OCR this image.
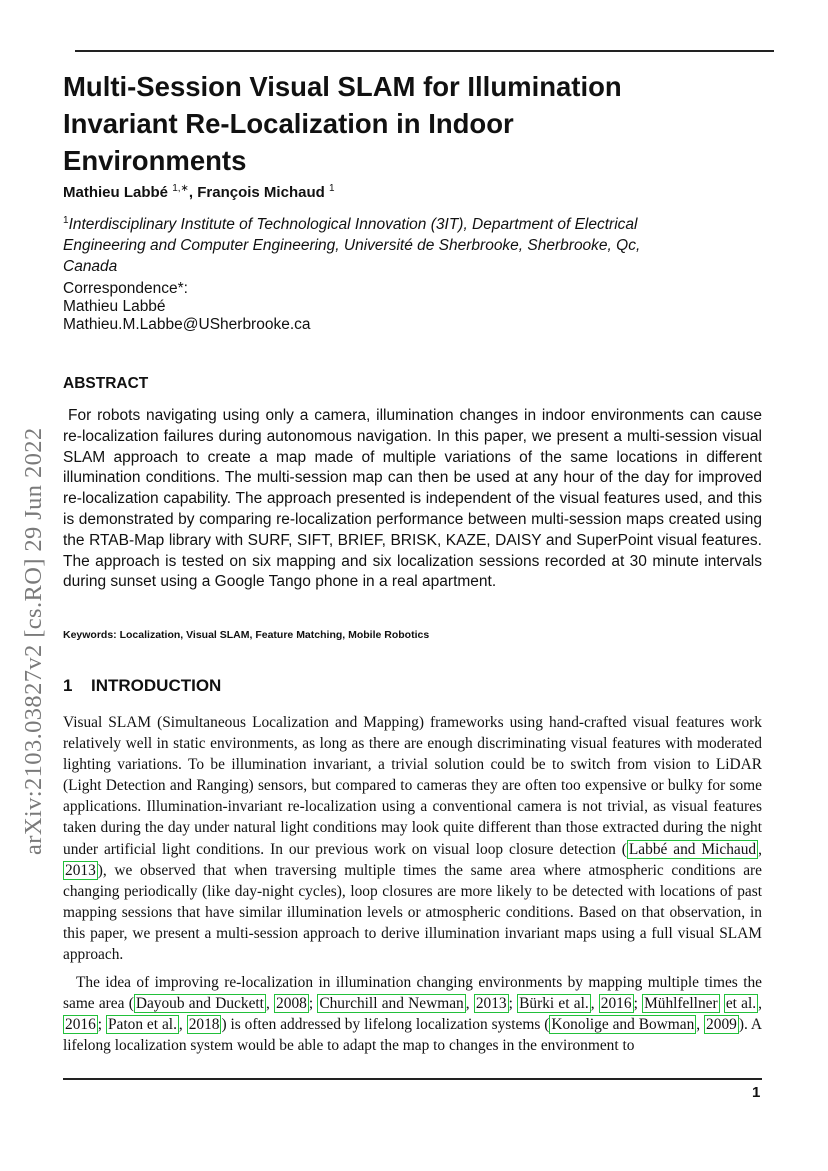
Multi-Session Visual SLAM for Illumination Invariant Re-Localization in Indoor Environments
Mathieu Labbé $^{1,∗}$, François Michaud $^1$
$^1$Interdisciplinary Institute of Technological Innovation (3IT), Department of Electrical Engineering and Computer Engineering, Université de Sherbrooke, Sherbrooke, Qc, Canada
Correspondence*:
Mathieu Labbé
Mathieu.M.Labbe@USherbrooke.ca
ABSTRACT

For robots navigating using only a camera, illumination changes in indoor environments can cause re-localization failures during autonomous navigation. In this paper, we present a multi-session visual SLAM approach to create a map made of multiple variations of the same locations in different illumination conditions. The multi-session map can then be used at any hour of the day for improved re-localization capability. The approach presented is independent of the visual features used, and this is demonstrated by comparing re-localization performance between multi-session maps created using the RTAB-Map library with SURF, SIFT, BRIEF, BRISK, KAZE, DAISY and SuperPoint visual features. The approach is tested on six mapping and six localization sessions recorded at 30 minute intervals during sunset using a Google Tango phone in a real apartment.

Keywords: Localization, Visual SLAM, Feature Matching, Mobile Robotics
1 INTRODUCTION

Visual SLAM (Simultaneous Localization and Mapping) frameworks using hand-crafted visual features work relatively well in static environments, as long as there are enough discriminating visual features with moderated lighting variations. To be illumination invariant, a trivial solution could be to switch from vision to LiDAR (Light Detection and Ranging) sensors, but compared to cameras they are often too expensive or bulky for some applications. Illumination-invariant re-localization using a conventional camera is not trivial, as visual features taken during the day under natural light conditions may look quite different than those extracted during the night under artificial light conditions. In our previous work on visual loop closure detection ( Labbé and Michaud , 2013 ), we observed that when traversing multiple times the same area where atmospheric conditions are changing periodically (like day-night cycles), loop closures are more likely to be detected with locations of past mapping sessions that have similar illumination levels or atmospheric conditions. Based on that observation, in this paper, we present a multi-session approach to derive illumination invariant maps using a full visual SLAM approach.

The idea of improving re-localization in illumination changing environments by mapping multiple times the same area ( Dayoub and Duckett , 2008 ; Churchill and Newman , 2013 ; Bürki et al. , 2016 ; Mühlfellner et al. , 2016 ; Paton et al. , 2018 ) is often addressed by lifelong localization systems ( Konolige and Bowman , 2009 ). A lifelong localization system would be able to adapt the map to changes in the environment to

arXiv:2103.03827v2 [cs.RO] 29 Jun 2022
1
